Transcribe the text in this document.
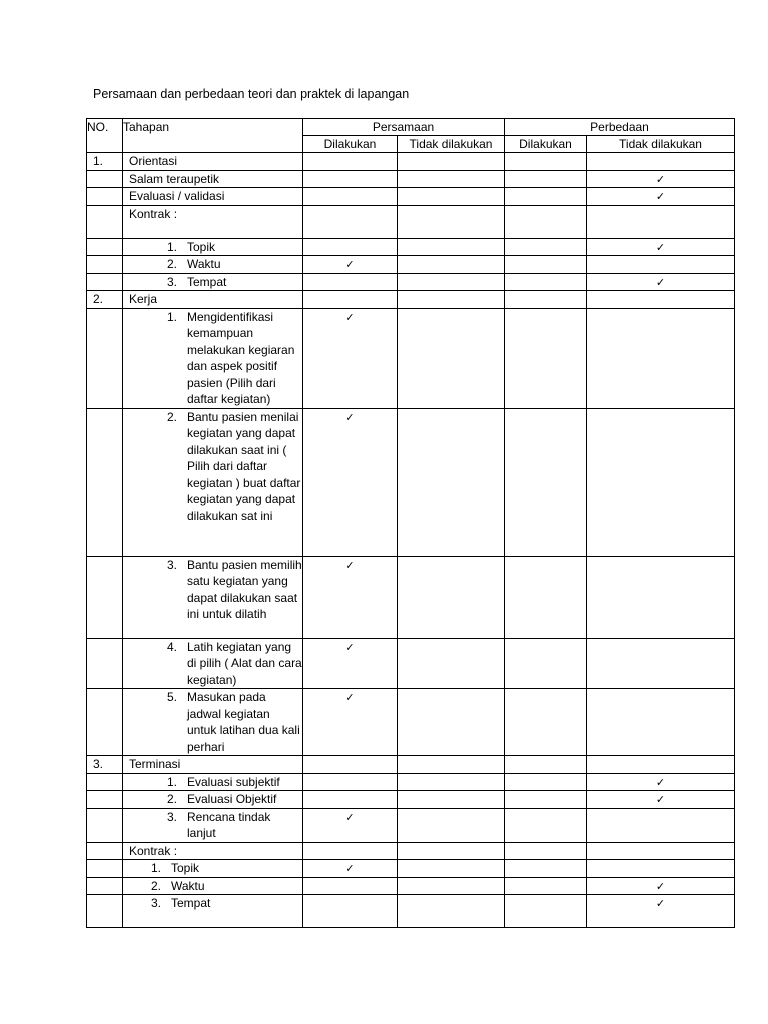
Persamaan dan perbedaan teori dan praktek di lapangan
NO.	Tahapan	Persamaan		Perbedaan	
		Dilakukan	Tidak dilakukan	Dilakukan	Tidak dilakukan
1.	Orientasi				
	Salam teraupetik				✓
	Evaluasi / validasi				✓
	Kontrak :				

	1. Topik				✓

	2. Waktu	✓			

	3. Tempat				✓
2.	Kerja				

	1. Mengidentifikasi kemampuan melakukan kegiaran dan aspek positif pasien (Pilih dari daftar kegiatan)	✓			

	2. Bantu pasien menilai kegiatan yang dapat dilakukan saat ini ( Pilih dari daftar kegiatan ) buat daftar kegiatan yang dapat dilakukan sat ini	✓			

	3. Bantu pasien memilih satu kegiatan yang dapat dilakukan saat ini untuk dilatih	✓			

	4. Latih kegiatan yang di pilih ( Alat dan cara kegiatan)	✓			

	5. Masukan pada jadwal kegiatan untuk latihan dua kali perhari	✓			
3.	Terminasi				

	1. Evaluasi subjektif				✓

	2. Evaluasi Objektif				✓

	3. Rencana tindak lanjut	✓			
	Kontrak :				

	1. Topik	✓			

	2. Waktu				✓

	3. Tempat				✓
